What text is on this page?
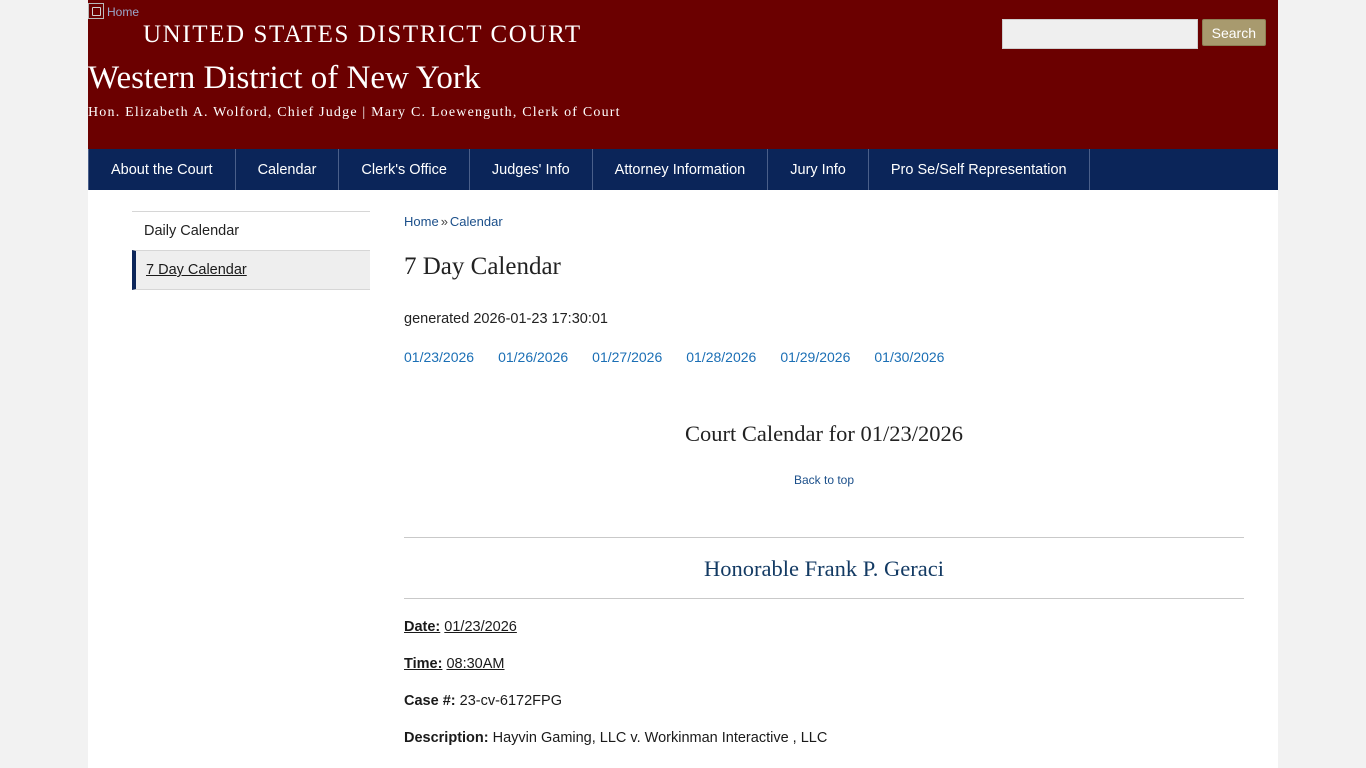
Home
UNITED STATES DISTRICT COURT
Western District of New York
Hon. Elizabeth A. Wolford, Chief Judge | Mary C. Loewenguth, Clerk of Court
Search
About the Court	Calendar	Clerk's Office	Judges' Info	Attorney Information	Jury Info	Pro Se/Self Representation
Daily Calendar
7 Day Calendar
Home » Calendar
7 Day Calendar
generated 2026-01-23 17:30:01
01/23/2026 01/26/2026 01/27/2026 01/28/2026 01/29/2026 01/30/2026
Court Calendar for 01/23/2026
Back to top
Honorable Frank P. Geraci
Date: 01/23/2026
Time: 08:30AM
Case #: 23-cv-6172FPG
Description: Hayvin Gaming, LLC v. Workinman Interactive , LLC
